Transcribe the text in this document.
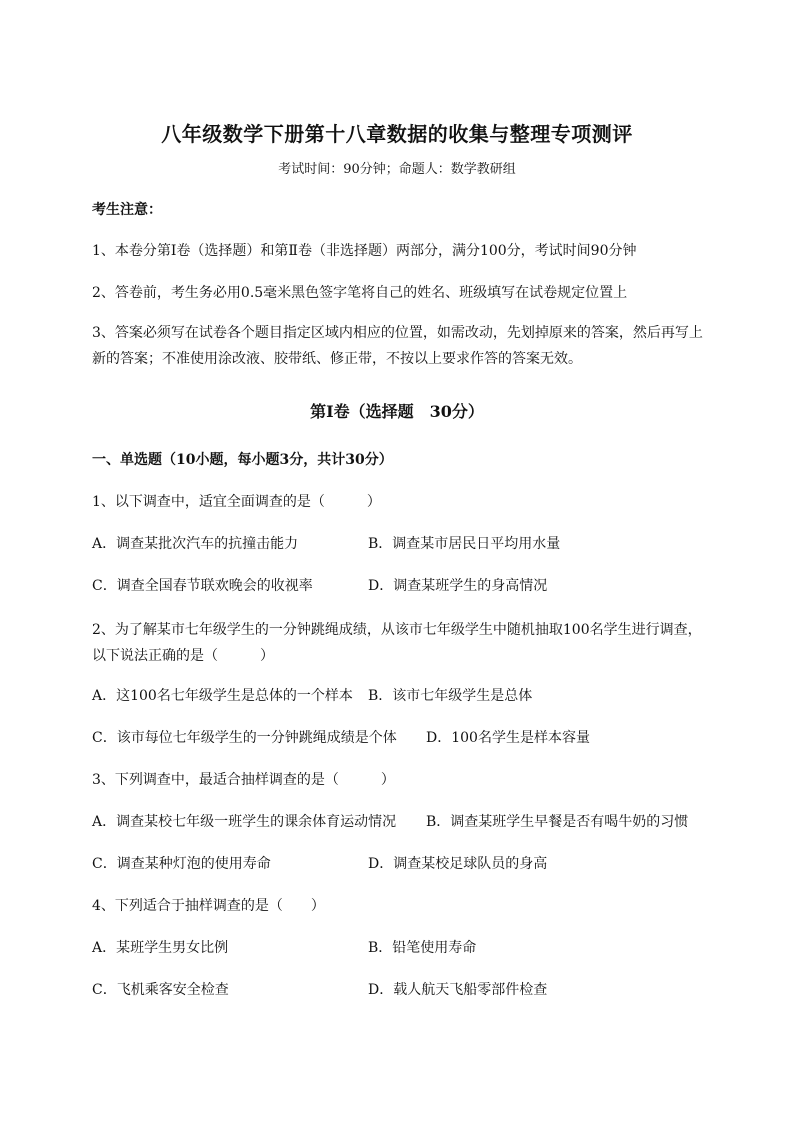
八年级数学下册第十八章数据的收集与整理专项测评
考试时间：90分钟；命题人：数学教研组
考生注意：
1、本卷分第Ⅰ卷（选择题）和第Ⅱ卷（非选择题）两部分，满分100分，考试时间90分钟
2、答卷前，考生务必用0.5毫米黑色签字笔将自己的姓名、班级填写在试卷规定位置上
3、答案必须写在试卷各个题目指定区域内相应的位置，如需改动，先划掉原来的答案，然后再写上新的答案；不准使用涂改液、胶带纸、修正带，不按以上要求作答的答案无效。
第Ⅰ卷（选择题　30分）
一、单选题（10小题，每小题3分，共计30分）
1、以下调查中，适宜全面调查的是（　　　）
A．调查某批次汽车的抗撞击能力	B．调查某市居民日平均用水量
C．调查全国春节联欢晚会的收视率	D．调查某班学生的身高情况
2、为了解某市七年级学生的一分钟跳绳成绩，从该市七年级学生中随机抽取100名学生进行调查，以下说法正确的是（　　　）
A．这100名七年级学生是总体的一个样本 B．该市七年级学生是总体
C．该市每位七年级学生的一分钟跳绳成绩是个体 D．100名学生是样本容量
3、下列调查中，最适合抽样调查的是（　　　）
A．调查某校七年级一班学生的课余体育运动情况 B．调查某班学生早餐是否有喝牛奶的习惯
C．调查某种灯泡的使用寿命	D．调查某校足球队员的身高
4、下列适合于抽样调查的是（　　）
A．某班学生男女比例	B．铅笔使用寿命
C．飞机乘客安全检查	D．载人航天飞船零部件检查
